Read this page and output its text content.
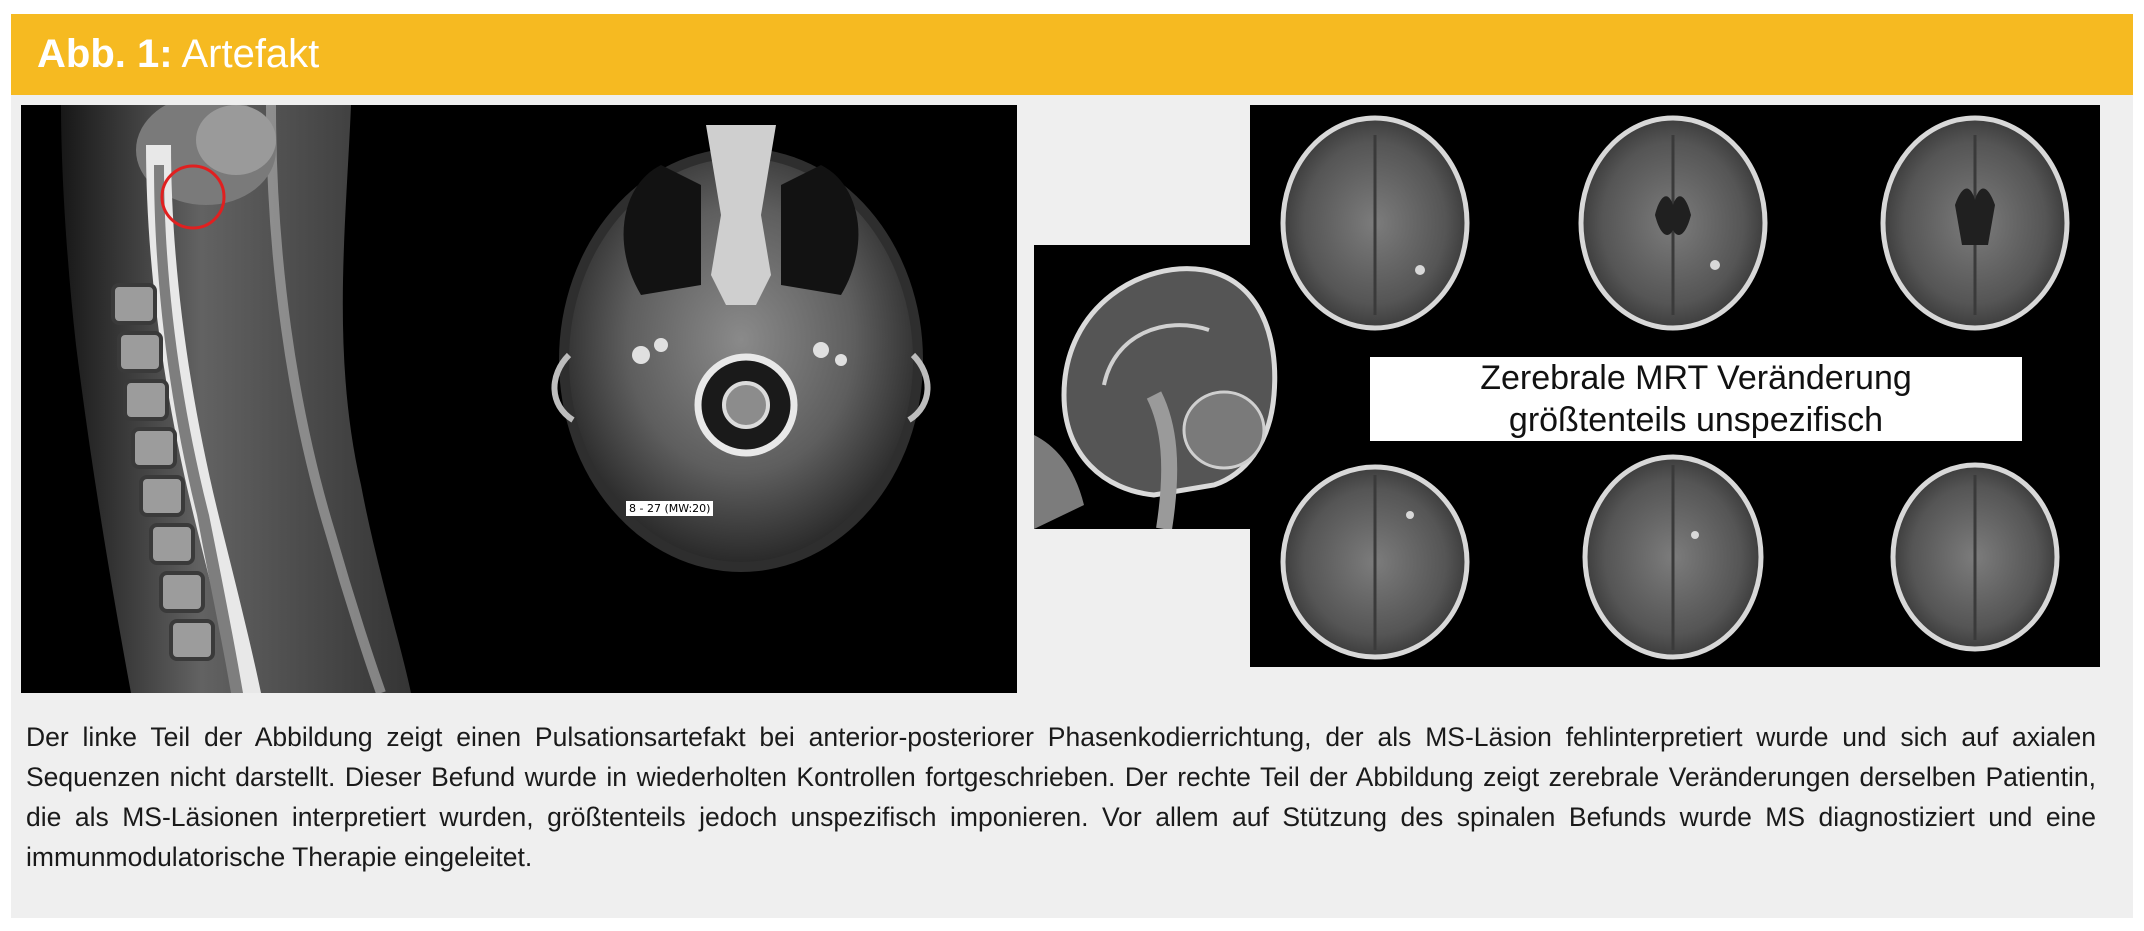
Abb. 1: Artefakt
8 - 27 (MW:20)
Zerebrale MRT Veränderung
größtenteils unspezifisch
Der linke Teil der Abbildung zeigt einen Pulsationsartefakt bei anterior-posteriorer Phasenkodierrichtung, der als MS-Läsion fehlinterpretiert wurde und sich auf axialen Sequenzen nicht darstellt. Dieser Befund wurde in wiederholten Kontrollen fortgeschrieben. Der rechte Teil der Abbildung zeigt zerebrale Veränderungen derselben Patientin, die als MS-Läsionen interpretiert wurden, größtenteils jedoch unspezifisch imponieren. Vor allem auf Stützung des spinalen Befunds wurde MS diagnostiziert und eine immunmodulatorische Therapie eingeleitet.
